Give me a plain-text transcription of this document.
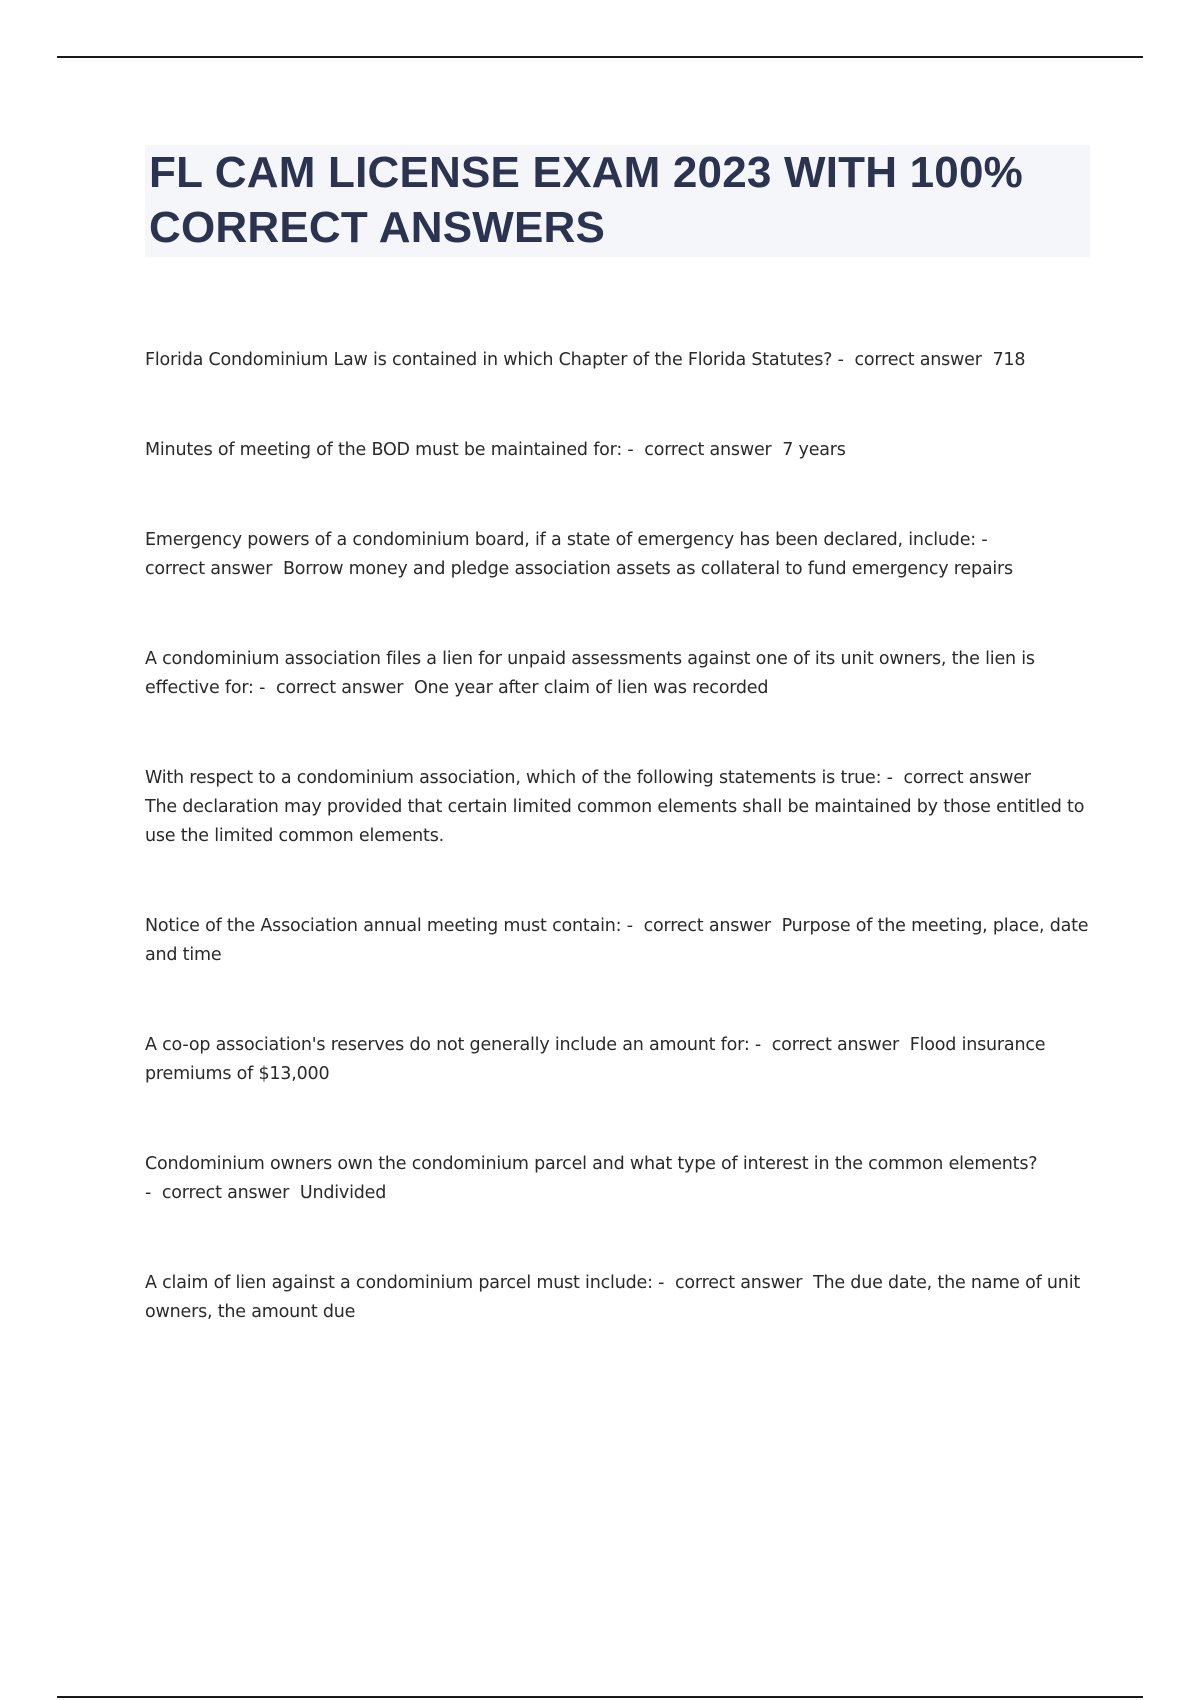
FL CAM LICENSE EXAM 2023 WITH 100% CORRECT ANSWERS
Florida Condominium Law is contained in which Chapter of the Florida Statutes? - correct answer 718
Minutes of meeting of the BOD must be maintained for: - correct answer 7 years
Emergency powers of a condominium board, if a state of emergency has been declared, include: -
correct answer Borrow money and pledge association assets as collateral to fund emergency repairs
A condominium association files a lien for unpaid assessments against one of its unit owners, the lien is effective for: - correct answer One year after claim of lien was recorded
With respect to a condominium association, which of the following statements is true: - correct answer
The declaration may provided that certain limited common elements shall be maintained by those entitled to use the limited common elements.
Notice of the Association annual meeting must contain: - correct answer Purpose of the meeting, place, date and time
A co-op association's reserves do not generally include an amount for: - correct answer Flood insurance premiums of $13,000
Condominium owners own the condominium parcel and what type of interest in the common elements?
- correct answer Undivided
A claim of lien against a condominium parcel must include: - correct answer The due date, the name of unit owners, the amount due
